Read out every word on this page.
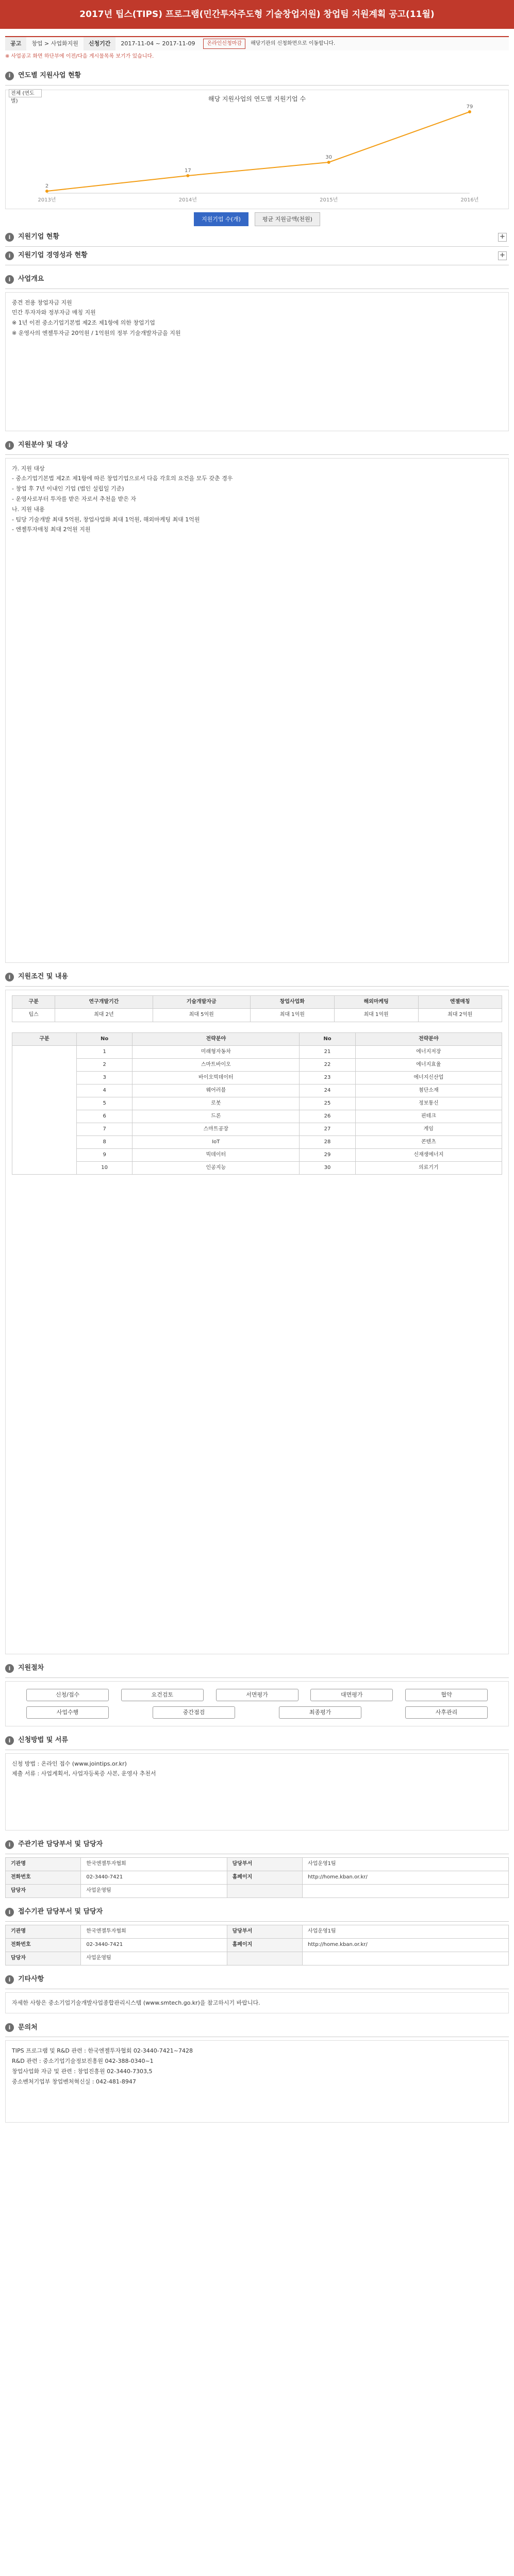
2017년 팁스(TIPS) 프로그램(민간투자주도형 기술창업지원) 창업팀 지원계획 공고(11월)
공고	창업 > 사업화지원	신청기간	2017-11-04 ~ 2017-11-09	온라인신청마감	해당기관의 신청화면으로 이동합니다.
※ 사업공고 화면 하단부에 이전/다음 게시물목록 보기가 있습니다.
i	연도별 지원사업 현황
전체 (연도별)	해당 지원사업의 연도별 지원기업 수
2
2013년
17
2014년
30
2015년
79
2016년
지원기업 수(개)	평균 지원금액(천원)
i	지원기업 현황	+
i	지원기업 경영성과 현황	+
i	사업개요

중견 전용 창업자금 지원

민간 투자자와 정부자금 매칭 지원

※ 1년 이전 중소기업기본법 제2조 제1항에 의한 창업기업

※ 운영사의 엔젤투자금 20억원 / 1억원의 정부 기술개발자금을 지원

i	지원분야 및 대상

가. 지원 대상

- 중소기업기본법 제2조 제1항에 따른 창업기업으로서 다음 각호의 요건을 모두 갖춘 경우

- 창업 후 7년 이내인 기업 (법인 설립일 기준)

- 운영사로부터 투자를 받은 자로서 추천을 받은 자

나. 지원 내용

- 팀당 기술개발 최대 5억원, 창업사업화 최대 1억원, 해외마케팅 최대 1억원

- 엔젤투자매칭 최대 2억원 지원

i	지원조건 및 내용
구분	연구개발기간	기술개발자금	창업사업화	해외마케팅	엔젤매칭
팁스	최대 2년	최대 5억원	최대 1억원	최대 1억원	최대 2억원
구분	No	전략분야	No	전략분야
	1	미래형자동차	21	에너지저장
	2	스마트바이오	22	에너지효율
	3	바이오빅데이터	23	에너지신산업
	4	웨어러블	24	첨단소재
	5	로봇	25	정보통신
	6	드론	26	핀테크
	7	스마트공장	27	게임
	8	IoT	28	콘텐츠
	9	빅데이터	29	신재생에너지
	10	인공지능	30	의료기기
i	지원절차
신청/접수	요건검토	서면평가	대면평가	협약
사업수행	중간점검	최종평가	사후관리
i	신청방법 및 서류

신청 방법 : 온라인 접수 (www.jointips.or.kr)

제출 서류 : 사업계획서, 사업자등록증 사본, 운영사 추천서

i	주관기관 담당부서 및 담당자
기관명	한국엔젤투자협회	담당부서	사업운영1팀
전화번호	02-3440-7421	홈페이지	http://home.kban.or.kr/
담당자	사업운영팀		
i	접수기관 담당부서 및 담당자
기관명	한국엔젤투자협회	담당부서	사업운영1팀
전화번호	02-3440-7421	홈페이지	http://home.kban.or.kr/
담당자	사업운영팀		
i	기타사항

자세한 사항은 중소기업기술개발사업종합관리시스템 (www.smtech.go.kr)을 참고하시기 바랍니다.

i	문의처

TIPS 프로그램 및 R&D 관련 : 한국엔젤투자협회 02-3440-7421~7428

R&D 관련 : 중소기업기술정보진흥원 042-388-0340~1

창업사업화 자금 및 관련 : 창업진흥원 02-3440-7303,5

중소벤처기업부 창업벤처혁신실 : 042-481-8947
